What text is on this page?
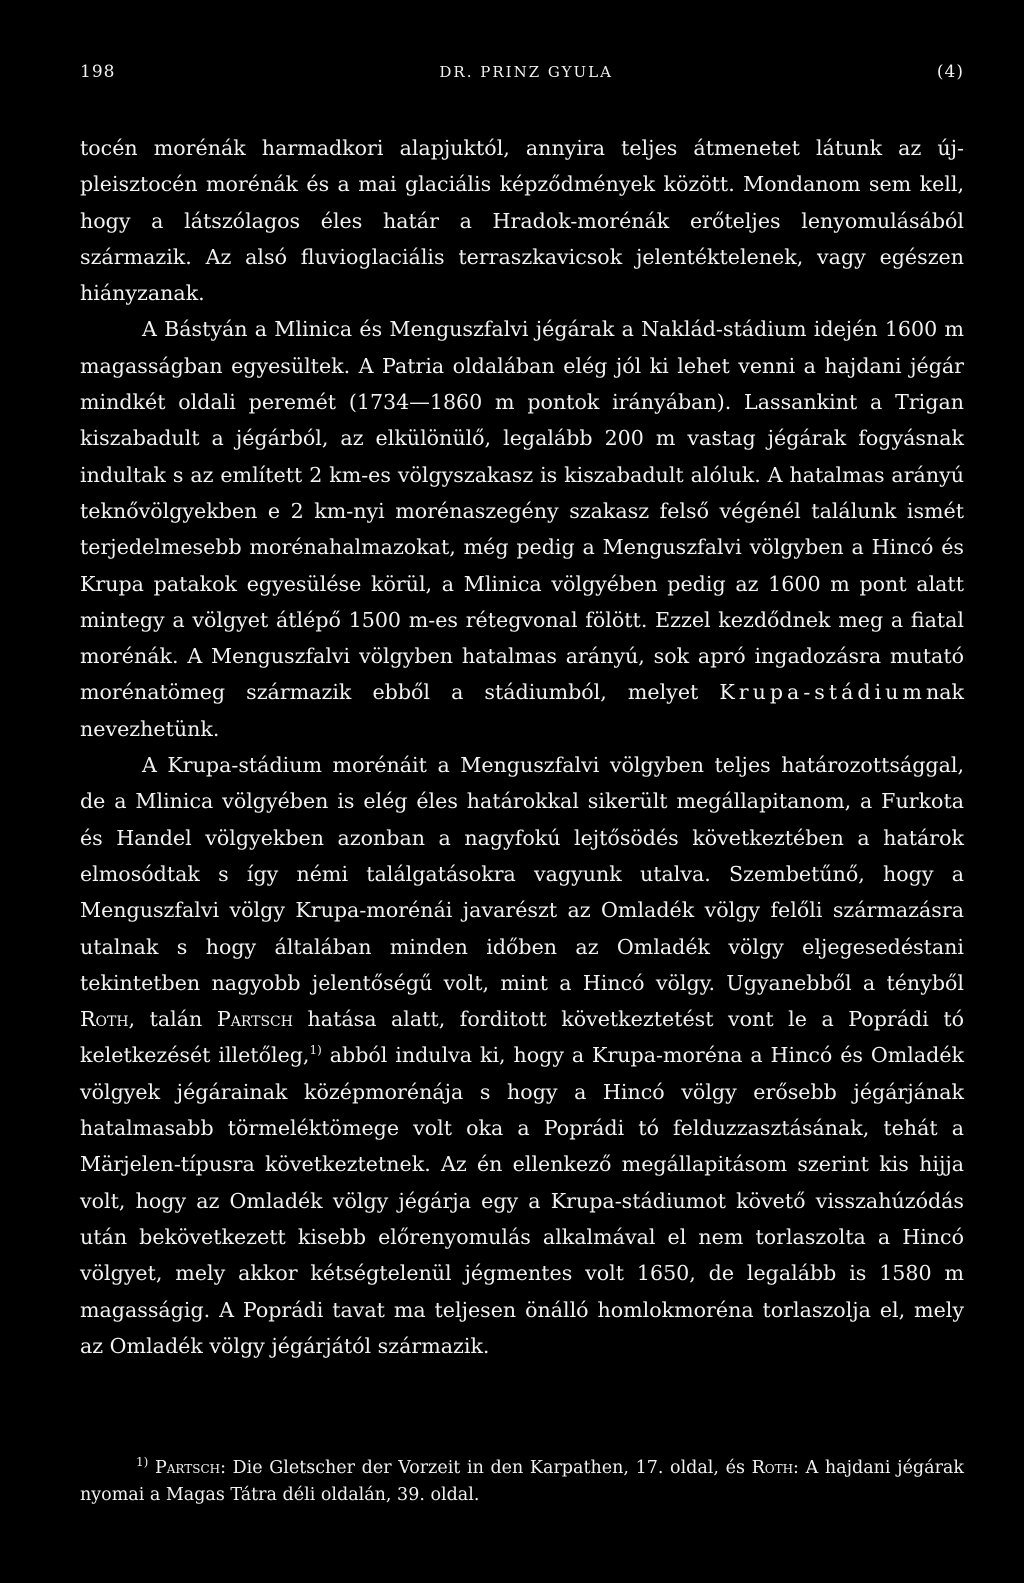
198	DR. PRINZ GYULA	(4)

tocén morénák harmadkori alapjuktól, annyira teljes átmenetet látunk az új-pleisztocén morénák és a mai glaciális képződmények között. Mondanom sem kell, hogy a látszólagos éles határ a Hradok-morénák erőteljes lenyomulásából származik. Az alsó fluvioglaciális terraszkavicsok jelentéktelenek, vagy egészen hiányzanak.

A Bástyán a Mlinica és Menguszfalvi jégárak a Naklád-stádium idején 1600 m magasságban egyesültek. A Patria oldalában elég jól ki lehet venni a hajdani jégár mindkét oldali peremét (1734—1860 m pontok irányában). Lassankint a Trigan kiszabadult a jégárból, az elkülönülő, legalább 200 m vastag jégárak fogyásnak indultak s az említett 2 km-es völgyszakasz is kiszabadult alóluk. A hatalmas arányú teknővölgyekben e 2 km-nyi morénaszegény szakasz felső végénél találunk ismét terjedelmesebb morénahalmazokat, még pedig a Menguszfalvi völgyben a Hincó és Krupa patakok egyesülése körül, a Mlinica völgyében pedig az 1600 m pont alatt mintegy a völgyet átlépő 1500 m-es rétegvonal fölött. Ezzel kezdődnek meg a fiatal morénák. A Menguszfalvi völgyben hatalmas arányú, sok apró ingadozásra mutató morénatömeg származik ebből a stádiumból, melyet Krupa-stádiumnak nevezhetünk.

A Krupa-stádium morénáit a Menguszfalvi völgyben teljes határozottsággal, de a Mlinica völgyében is elég éles határokkal sikerült megállapitanom, a Furkota és Handel völgyekben azonban a nagyfokú lejtősödés következtében a határok elmosódtak s így némi találgatásokra vagyunk utalva. Szembetűnő, hogy a Menguszfalvi völgy Krupa-morénái javarészt az Omladék völgy felőli származásra utalnak s hogy általában minden időben az Omladék völgy eljegesedéstani tekintetben nagyobb jelentőségű volt, mint a Hincó völgy. Ugyanebből a tényből Roth, talán Partsch hatása alatt, forditott következtetést vont le a Poprádi tó keletkezését illetőleg,$^{1)}$ abból indulva ki, hogy a Krupa-moréna a Hincó és Omladék völgyek jégárainak középmorénája s hogy a Hincó völgy erősebb jégárjának hatalmasabb törmeléktömege volt oka a Poprádi tó felduzzasztásának, tehát a Märjelen-típusra következtetnek. Az én ellenkező megállapitásom szerint kis hijja volt, hogy az Omladék völgy jégárja egy a Krupa-stádiumot követő visszahúzódás után bekövetkezett kisebb előrenyomulás alkalmával el nem torlaszolta a Hincó völgyet, mely akkor kétségtelenül jégmentes volt 1650, de legalább is 1580 m magasságig. A Poprádi tavat ma teljesen önálló homlokmoréna torlaszolja el, mely az Omladék völgy jégárjától származik.

$^{1)}$ Partsch: Die Gletscher der Vorzeit in den Karpathen, 17. oldal, és Roth: A hajdani jégárak nyomai a Magas Tátra déli oldalán, 39. oldal.
